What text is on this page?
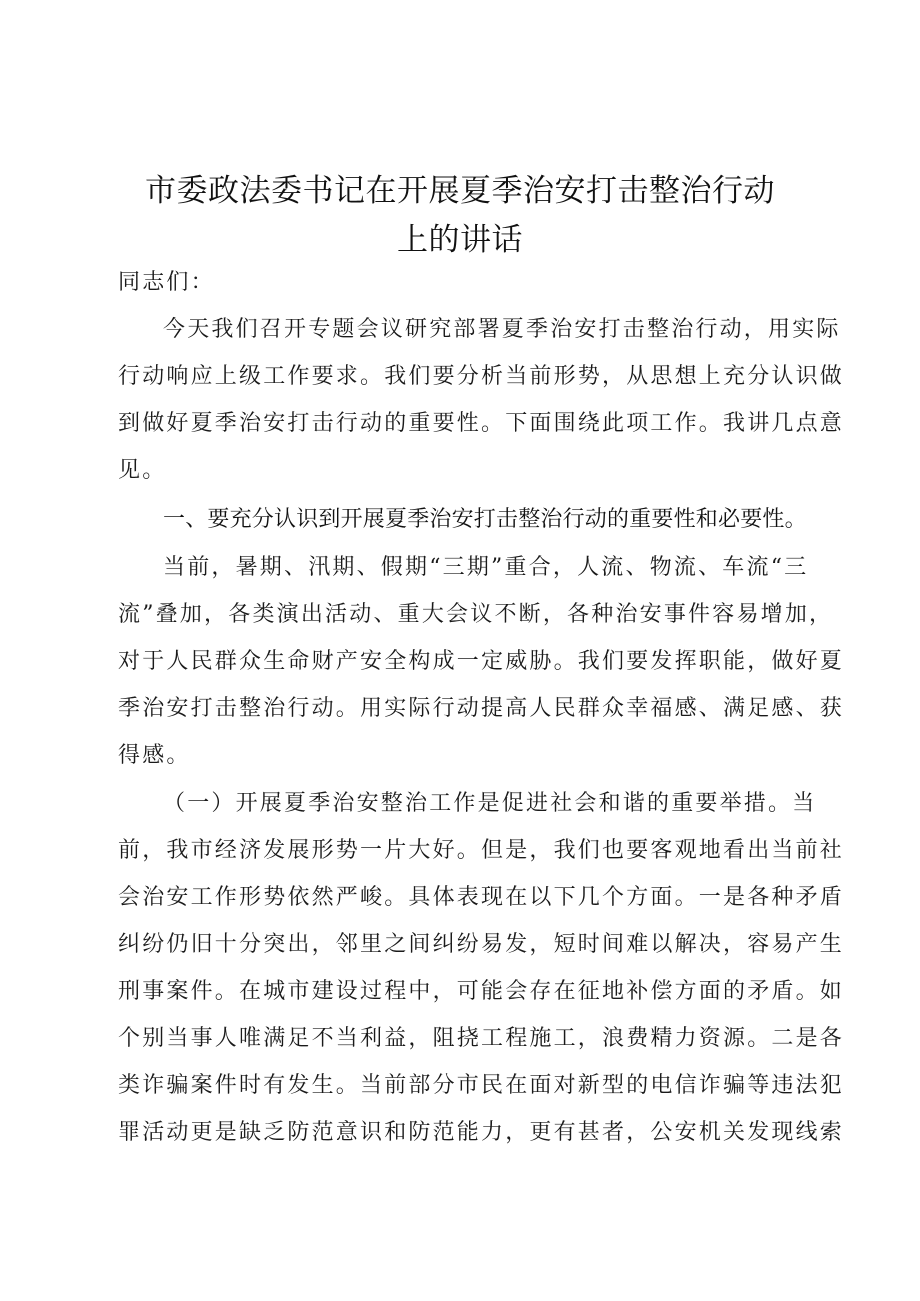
市委政法委书记在开展夏季治安打击整治行动
上的讲话

同志们：

今天我们召开专题会议研究部署夏季治安打击整治行动，用实际

行动响应上级工作要求。我们要分析当前形势，从思想上充分认识做

到做好夏季治安打击行动的重要性。下面围绕此项工作。我讲几点意

见。

一、要充分认识到开展夏季治安打击整治行动的重要性和必要性。

当前，暑期、汛期、假期“三期”重合，人流、物流、车流“三

流”叠加，各类演出活动、重大会议不断，各种治安事件容易增加，

对于人民群众生命财产安全构成一定威胁。我们要发挥职能，做好夏

季治安打击整治行动。用实际行动提高人民群众幸福感、满足感、获

得感。

（一）开展夏季治安整治工作是促进社会和谐的重要举措。当

前，我市经济发展形势一片大好。但是，我们也要客观地看出当前社

会治安工作形势依然严峻。具体表现在以下几个方面。一是各种矛盾

纠纷仍旧十分突出，邻里之间纠纷易发，短时间难以解决，容易产生

刑事案件。在城市建设过程中，可能会存在征地补偿方面的矛盾。如

个别当事人唯满足不当利益，阻挠工程施工，浪费精力资源。二是各

类诈骗案件时有发生。当前部分市民在面对新型的电信诈骗等违法犯

罪活动更是缺乏防范意识和防范能力，更有甚者，公安机关发现线索
